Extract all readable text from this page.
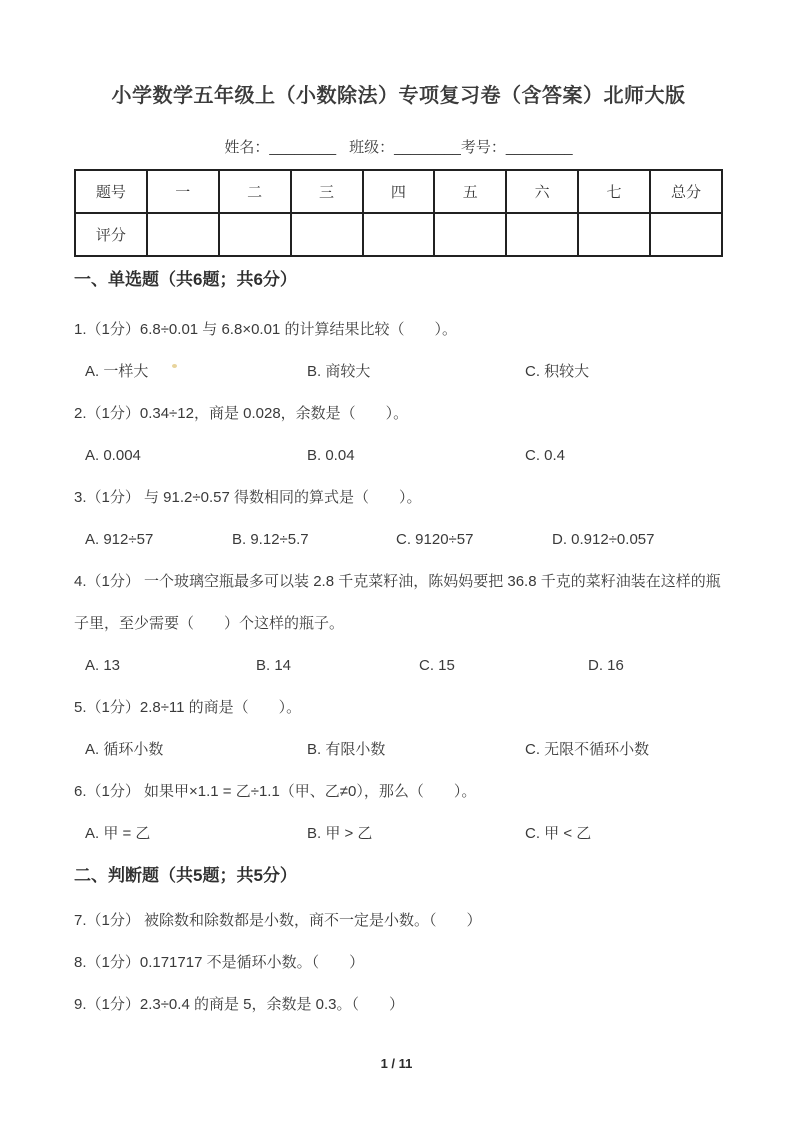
小学数学五年级上（小数除法）专项复习卷（含答案）北师大版
姓名：________ 班级：________考号：________
题号	一	二	三	四	五	六	七	总分
评分								
一、单选题（共6题；共6分）

1.（1分）6.8÷0.01 与 6.8×0.01 的计算结果比较（　　）。

A. 一样大	B. 商较大	C. 积较大

2.（1分）0.34÷12，商是 0.028，余数是（　　）。

A. 0.004	B. 0.04	C. 0.4

3.（1分） 与 91.2÷0.57 得数相同的算式是（　　）。

A. 912÷57	B. 9.12÷5.7	C. 9120÷57	D. 0.912÷0.057

4.（1分） 一个玻璃空瓶最多可以装 2.8 千克菜籽油，陈妈妈要把 36.8 千克的菜籽油装在这样的瓶子里，至少需要（　　）个这样的瓶子。

A. 13	B. 14	C. 15	D. 16

5.（1分）2.8÷11 的商是（　　）。

A. 循环小数	B. 有限小数	C. 无限不循环小数

6.（1分） 如果甲×1.1 = 乙÷1.1（甲、乙≠0），那么（　　）。

A. 甲 = 乙	B. 甲 > 乙	C. 甲 < 乙
二、判断题（共5题；共5分）

7.（1分） 被除数和除数都是小数，商不一定是小数。（　　）

8.（1分）0.171717 不是循环小数。（　　）

9.（1分）2.3÷0.4 的商是 5，余数是 0.3。（　　）

1 / 11
